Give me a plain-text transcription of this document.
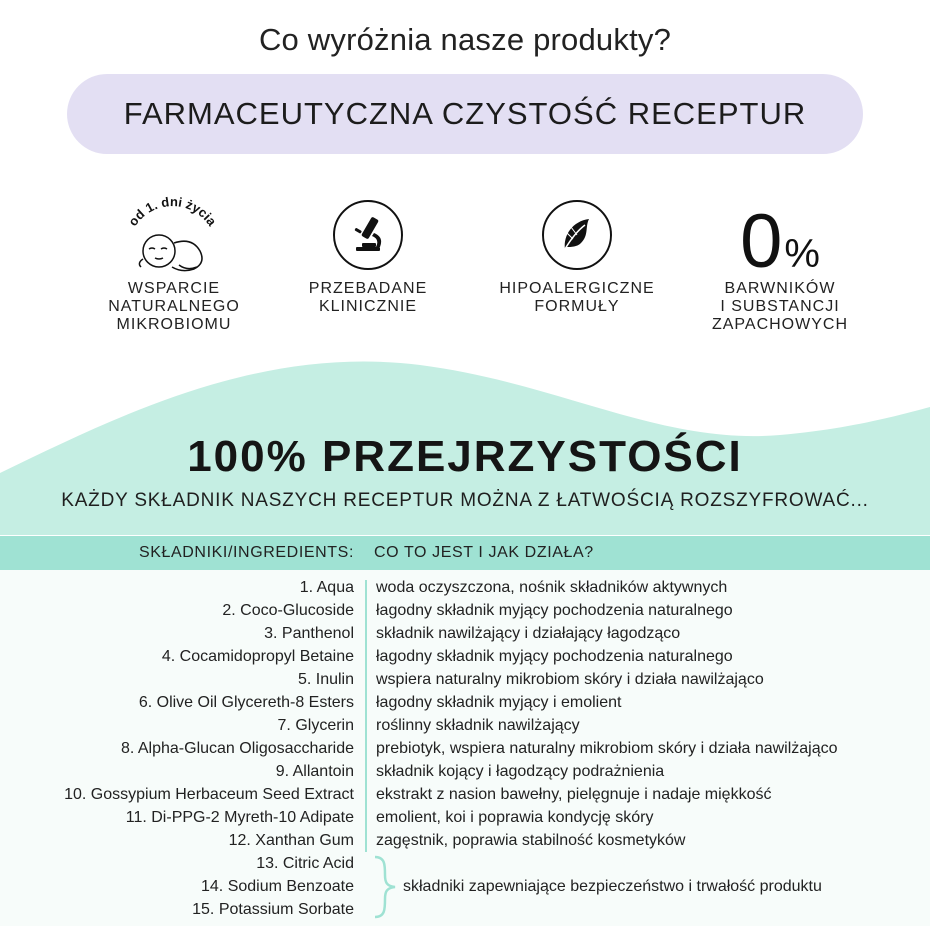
Co wyróżnia nasze produkty?
FARMACEUTYCZNA CZYSTOŚĆ RECEPTUR
od 1. dni życia
WSPARCIE
NATURALNEGO
MIKROBIOMU
PRZEBADANE
KLINICZNIE
HIPOALERGICZNE
FORMUŁY
0 %
BARWNIKÓW
I SUBSTANCJI
ZAPACHOWYCH
100% PRZEJRZYSTOŚCI
KAŻDY SKŁADNIK NASZYCH RECEPTUR MOŻNA Z ŁATWOŚCIĄ ROZSZYFROWAĆ...
SKŁADNIKI/INGREDIENTS: CO TO JEST I JAK DZIAŁA?
1. Aqua woda oczyszczona, nośnik składników aktywnych
2. Coco-Glucoside łagodny składnik myjący pochodzenia naturalnego
3. Panthenol składnik nawilżający i działający łagodząco
4. Cocamidopropyl Betaine łagodny składnik myjący pochodzenia naturalnego
5. Inulin wspiera naturalny mikrobiom skóry i działa nawilżająco
6. Olive Oil Glycereth-8 Esters łagodny składnik myjący i emolient
7. Glycerin roślinny składnik nawilżający
8. Alpha-Glucan Oligosaccharide prebiotyk, wspiera naturalny mikrobiom skóry i działa nawilżająco
9. Allantoin składnik kojący i łagodzący podrażnienia
10. Gossypium Herbaceum Seed Extract ekstrakt z nasion bawełny, pielęgnuje i nadaje miękkość
11. Di-PPG-2 Myreth-10 Adipate emolient, koi i poprawia kondycję skóry
12. Xanthan Gum zagęstnik, poprawia stabilność kosmetyków
13. Citric Acid
14. Sodium Benzoate
15. Potassium Sorbate
składniki zapewniające bezpieczeństwo i trwałość produktu
